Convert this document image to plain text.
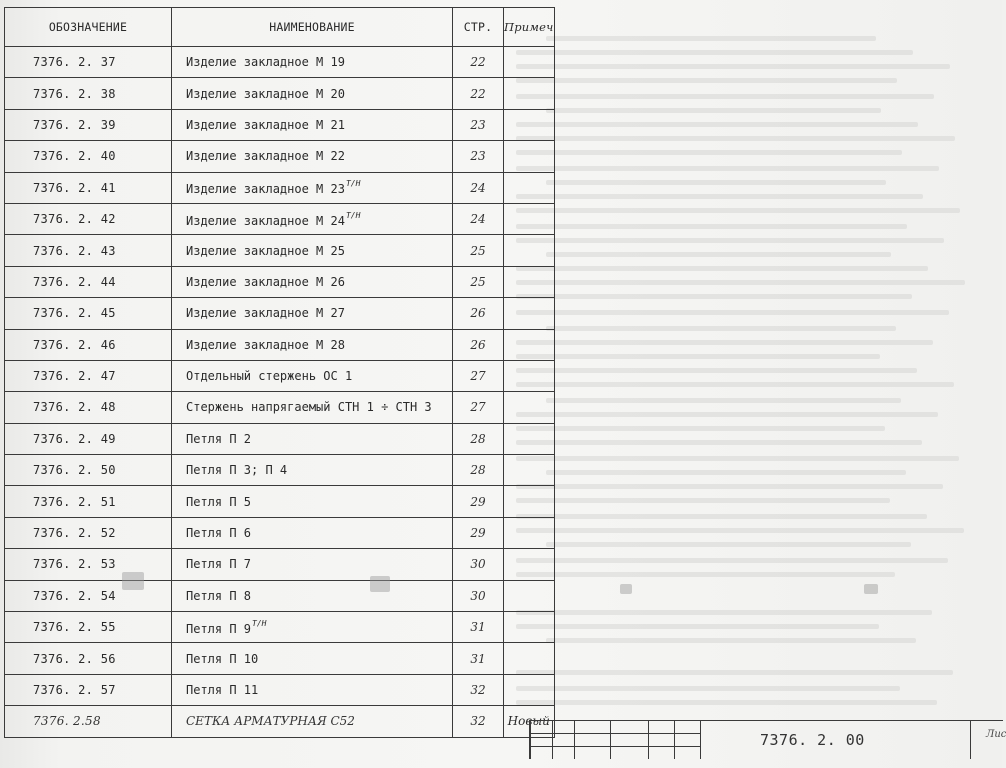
ОБОЗНАЧЕНИЕ	НАИМЕНОВАНИЕ	СТР.	Примеч
7376. 2. 37	Изделие закладное М 19	22	
7376. 2. 38	Изделие закладное М 20	22	
7376. 2. 39	Изделие закладное М 21	23	
7376. 2. 40	Изделие закладное М 22	23	
7376. 2. 41	Изделие закладное М $23^{Т/Н}$	24	
7376. 2. 42	Изделие закладное М $24^{Т/Н}$	24	
7376. 2. 43	Изделие закладное М 25	25	
7376. 2. 44	Изделие закладное М 26	25	
7376. 2. 45	Изделие закладное М 27	26	
7376. 2. 46	Изделие закладное М 28	26	
7376. 2. 47	Отдельный стержень ОС 1	27	
7376. 2. 48	Стержень напрягаемый СТН 1 ÷ СТН 3	27	
7376. 2. 49	Петля П 2	28	
7376. 2. 50	Петля П 3; П 4	28	
7376. 2. 51	Петля П 5	29	
7376. 2. 52	Петля П 6	29	
7376. 2. 53	Петля П 7	30	
7376. 2. 54	Петля П 8	30	
7376. 2. 55	Петля П $9^{Т/Н}$	31	
7376. 2. 56	Петля П 10	31	
7376. 2. 57	Петля П 11	32	
7376. 2.58	СЕТКА АРМАТУРНАЯ С52	32	Новый
7376. 2. 00	Лис
